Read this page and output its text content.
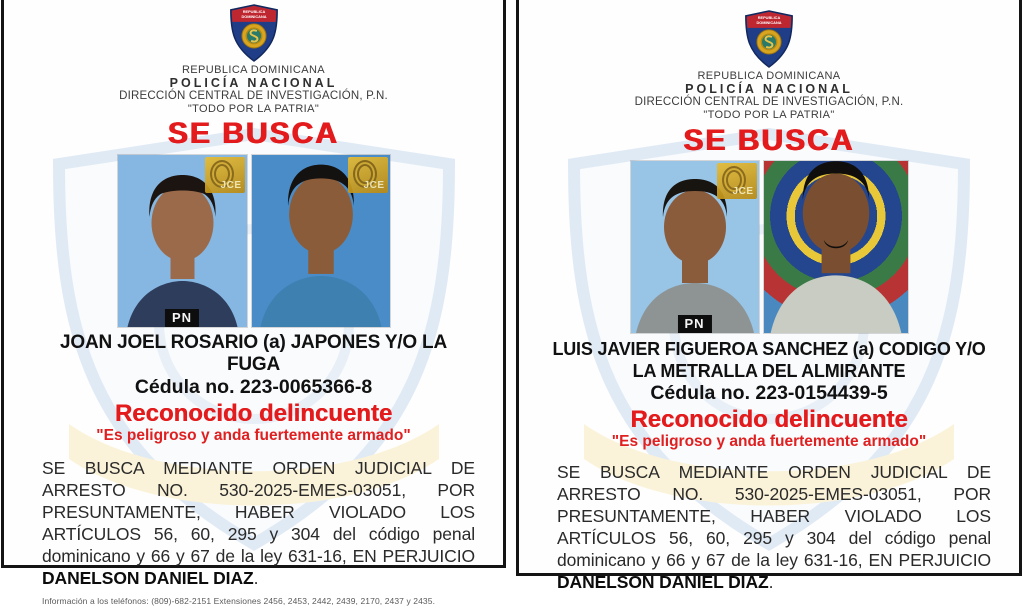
REPUBLICA
DOMINICANA
REPUBLICA DOMINICANA
POLICÍA NACIONAL
DIRECCIÓN CENTRAL DE INVESTIGACIÓN, P.N.
"TODO POR LA PATRIA"
SE BUSCA
JCE
PN
JCE
JOAN JOEL ROSARIO (a) JAPONES Y/O LA FUGA
Cédula no. 223-0065366-8
Reconocido delincuente
"Es peligroso y anda fuertemente armado"

SE BUSCA MEDIANTE ORDEN JUDICIAL DE ARRESTO NO. 530-2025-EMES-03051, POR PRESUNTAMENTE, HABER VIOLADO LOS ARTÍCULOS 56, 60, 295 y 304 del código penal dominicano y 66 y 67 de la ley 631-16, EN PERJUICIO DANELSON DANIEL DIAZ.

Información a los teléfonos: (809)-682-2151 Extensiones 2456, 2453, 2442, 2439, 2170, 2437 y 2435.
REPUBLICA
DOMINICANA
REPUBLICA DOMINICANA
POLICÍA NACIONAL
DIRECCIÓN CENTRAL DE INVESTIGACIÓN, P.N.
"TODO POR LA PATRIA"
SE BUSCA
JCE
PN
LUIS JAVIER FIGUEROA SANCHEZ (a) CODIGO Y/O LA METRALLA DEL ALMIRANTE
Cédula no. 223-0154439-5
Reconocido delincuente
"Es peligroso y anda fuertemente armado"

SE BUSCA MEDIANTE ORDEN JUDICIAL DE ARRESTO NO. 530-2025-EMES-03051, POR PRESUNTAMENTE, HABER VIOLADO LOS ARTÍCULOS 56, 60, 295 y 304 del código penal dominicano y 66 y 67 de la ley 631-16, EN PERJUICIO DANELSON DANIEL DIAZ.
